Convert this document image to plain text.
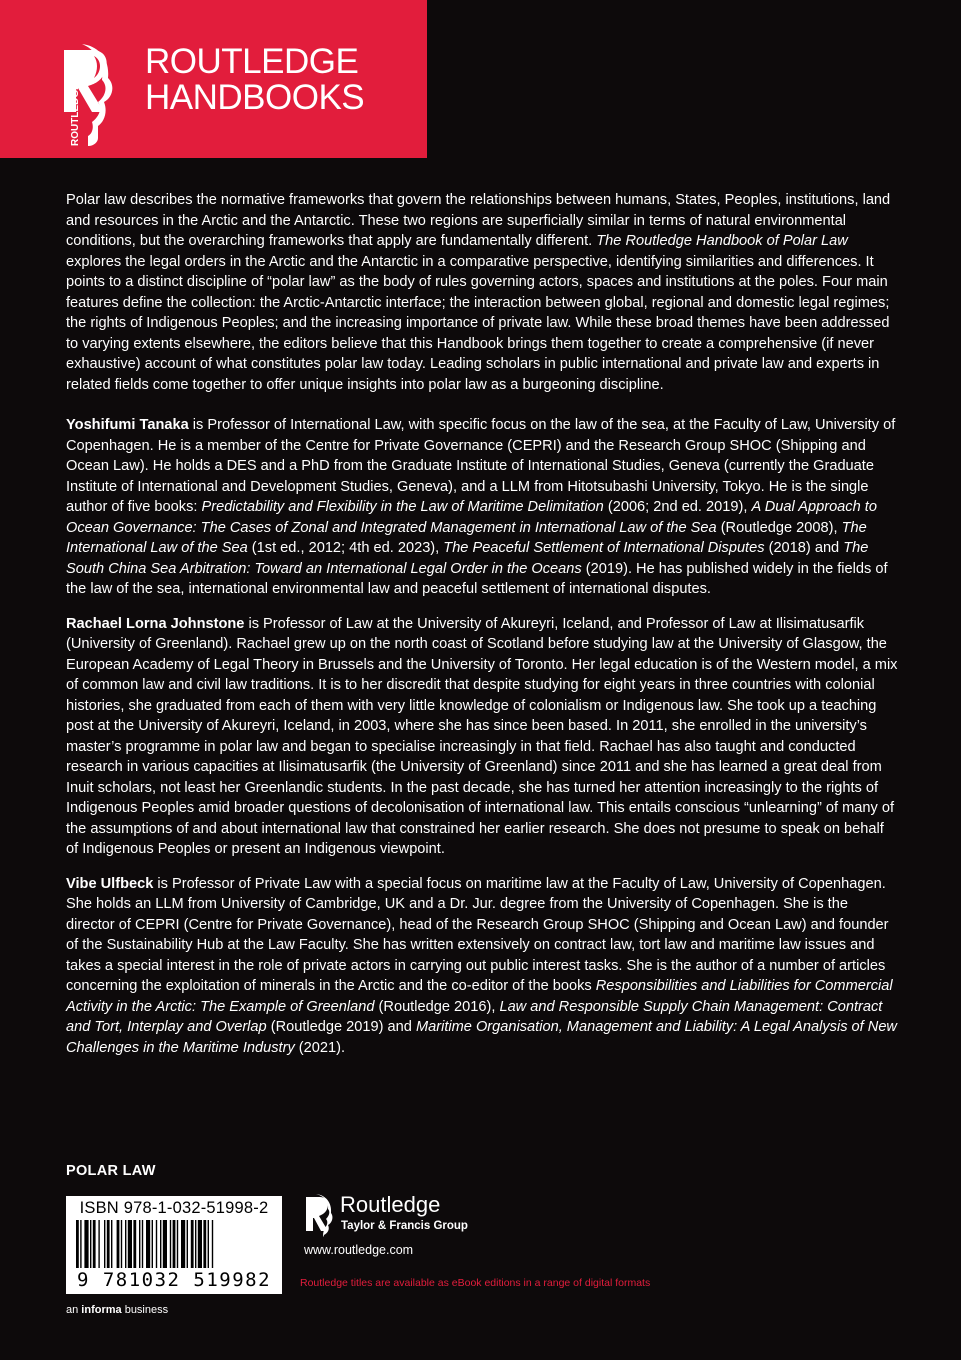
ROUTLEDGE
ROUTLEDGE
HANDBOOKS

Polar law describes the normative frameworks that govern the relationships between humans, States, Peoples, institutions, land and resources in the Arctic and the Antarctic. These two regions are superficially similar in terms of natural environmental conditions, but the overarching frameworks that apply are fundamentally different. The Routledge Handbook of Polar Law explores the legal orders in the Arctic and the Antarctic in a comparative perspective, identifying similarities and differences. It points to a distinct discipline of “polar law” as the body of rules governing actors, spaces and institutions at the poles. Four main features define the collection: the Arctic-Antarctic interface; the interaction between global, regional and domestic legal regimes; the rights of Indigenous Peoples; and the increasing importance of private law. While these broad themes have been addressed to varying extents elsewhere, the editors believe that this Handbook brings them together to create a comprehensive (if never exhaustive) account of what constitutes polar law today. Leading scholars in public international and private law and experts in related fields come together to offer unique insights into polar law as a burgeoning discipline.

Yoshifumi Tanaka is Professor of International Law, with specific focus on the law of the sea, at the Faculty of Law, University of Copenhagen. He is a member of the Centre for Private Governance (CEPRI) and the Research Group SHOC (Shipping and Ocean Law). He holds a DES and a PhD from the Graduate Institute of International Studies, Geneva (currently the Graduate Institute of International and Development Studies, Geneva), and a LLM from Hitotsubashi University, Tokyo. He is the single author of five books: Predictability and Flexibility in the Law of Maritime Delimitation (2006; 2nd ed. 2019), A Dual Approach to Ocean Governance: The Cases of Zonal and Integrated Management in International Law of the Sea (Routledge 2008), The International Law of the Sea (1st ed., 2012; 4th ed. 2023), The Peaceful Settlement of International Disputes (2018) and The South China Sea Arbitration: Toward an International Legal Order in the Oceans (2019). He has published widely in the fields of the law of the sea, international environmental law and peaceful settlement of international disputes.

Rachael Lorna Johnstone is Professor of Law at the University of Akureyri, Iceland, and Professor of Law at Ilisimatusarfik (University of Greenland). Rachael grew up on the north coast of Scotland before studying law at the University of Glasgow, the European Academy of Legal Theory in Brussels and the University of Toronto. Her legal education is of the Western model, a mix of common law and civil law traditions. It is to her discredit that despite studying for eight years in three countries with colonial histories, she graduated from each of them with very little knowledge of colonialism or Indigenous law. She took up a teaching post at the University of Akureyri, Iceland, in 2003, where she has since been based. In 2011, she enrolled in the university’s master’s programme in polar law and began to specialise increasingly in that field. Rachael has also taught and conducted research in various capacities at Ilisimatusarfik (the University of Greenland) since 2011 and she has learned a great deal from Inuit scholars, not least her Greenlandic students. In the past decade, she has turned her attention increasingly to the rights of Indigenous Peoples amid broader questions of decolonisation of international law. This entails conscious “unlearning” of many of the assumptions of and about international law that constrained her earlier research. She does not presume to speak on behalf of Indigenous Peoples or present an Indigenous viewpoint.

Vibe Ulfbeck is Professor of Private Law with a special focus on maritime law at the Faculty of Law, University of Copenhagen. She holds an LLM from University of Cambridge, UK and a Dr. Jur. degree from the University of Copenhagen. She is the director of CEPRI (Centre for Private Governance), head of the Research Group SHOC (Shipping and Ocean Law) and founder of the Sustainability Hub at the Law Faculty. She has written extensively on contract law, tort law and maritime law issues and takes a special interest in the role of private actors in carrying out public interest tasks. She is the author of a number of articles concerning the exploitation of minerals in the Arctic and the co-editor of the books Responsibilities and Liabilities for Commercial Activity in the Arctic: The Example of Greenland (Routledge 2016), Law and Responsible Supply Chain Management: Contract and Tort, Interplay and Overlap (Routledge 2019) and Maritime Organisation, Management and Liability: A Legal Analysis of New Challenges in the Maritime Industry (2021).

POLAR LAW
ISBN 978-1-032-51998-2
9 781032 519982
an informa business
Routledge
Taylor & Francis Group
www.routledge.com
Routledge titles are available as eBook editions in a range of digital formats
